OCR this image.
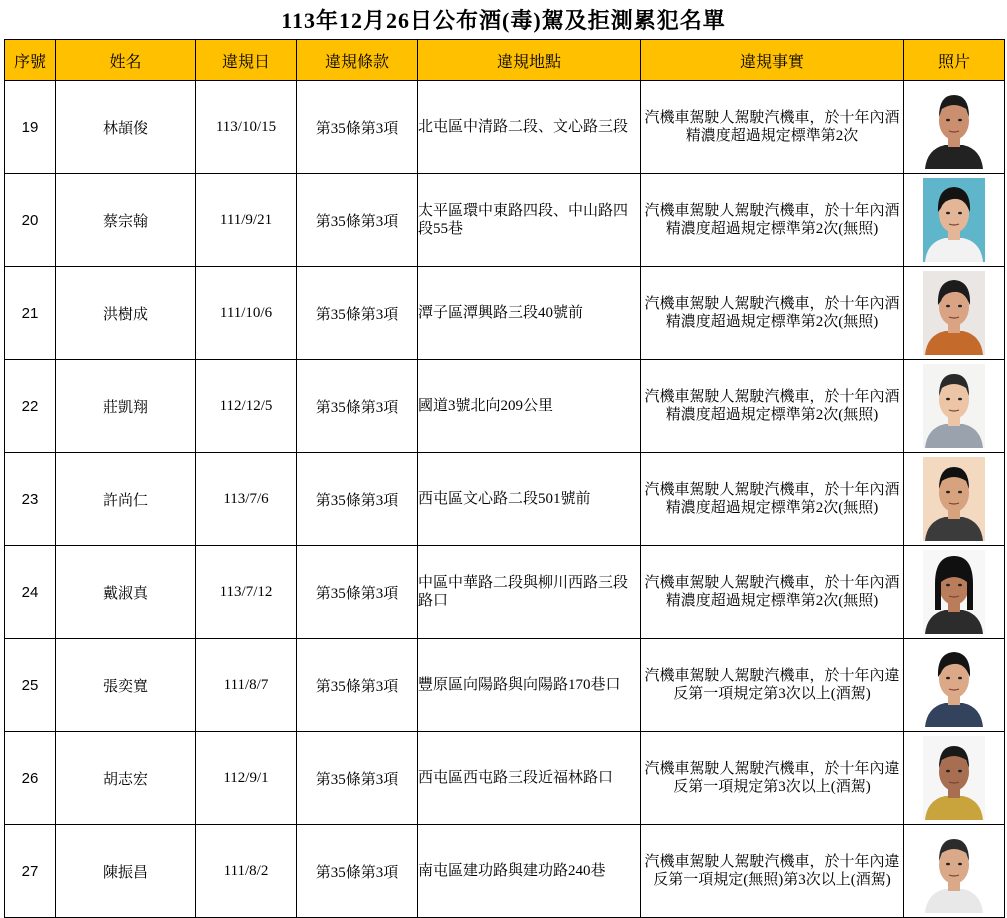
113年12月26日公布酒(毒)駕及拒測累犯名單
序號	姓名	違規日	違規條款	違規地點	違規事實	照片
19	林頡俊	113/10/15	第35條第3項	北屯區中清路二段、文心路三段	汽機車駕駛人駕駛汽機車，於十年內酒精濃度超過規定標準第2次	

20	蔡宗翰	111/9/21	第35條第3項	太平區環中東路四段、中山路四段55巷	汽機車駕駛人駕駛汽機車，於十年內酒精濃度超過規定標準第2次(無照)	

21	洪樹成	111/10/6	第35條第3項	潭子區潭興路三段40號前	汽機車駕駛人駕駛汽機車，於十年內酒精濃度超過規定標準第2次(無照)	

22	莊凱翔	112/12/5	第35條第3項	國道3號北向209公里	汽機車駕駛人駕駛汽機車，於十年內酒精濃度超過規定標準第2次(無照)	

23	許尚仁	113/7/6	第35條第3項	西屯區文心路二段501號前	汽機車駕駛人駕駛汽機車，於十年內酒精濃度超過規定標準第2次(無照)	

24	戴淑真	113/7/12	第35條第3項	中區中華路二段與柳川西路三段路口	汽機車駕駛人駕駛汽機車，於十年內酒精濃度超過規定標準第2次(無照)	

25	張奕寬	111/8/7	第35條第3項	豐原區向陽路與向陽路170巷口	汽機車駕駛人駕駛汽機車，於十年內違反第一項規定第3次以上(酒駕)	

26	胡志宏	112/9/1	第35條第3項	西屯區西屯路三段近福林路口	汽機車駕駛人駕駛汽機車，於十年內違反第一項規定第3次以上(酒駕)	

27	陳振昌	111/8/2	第35條第3項	南屯區建功路與建功路240巷	汽機車駕駛人駕駛汽機車，於十年內違反第一項規定(無照)第3次以上(酒駕)	
